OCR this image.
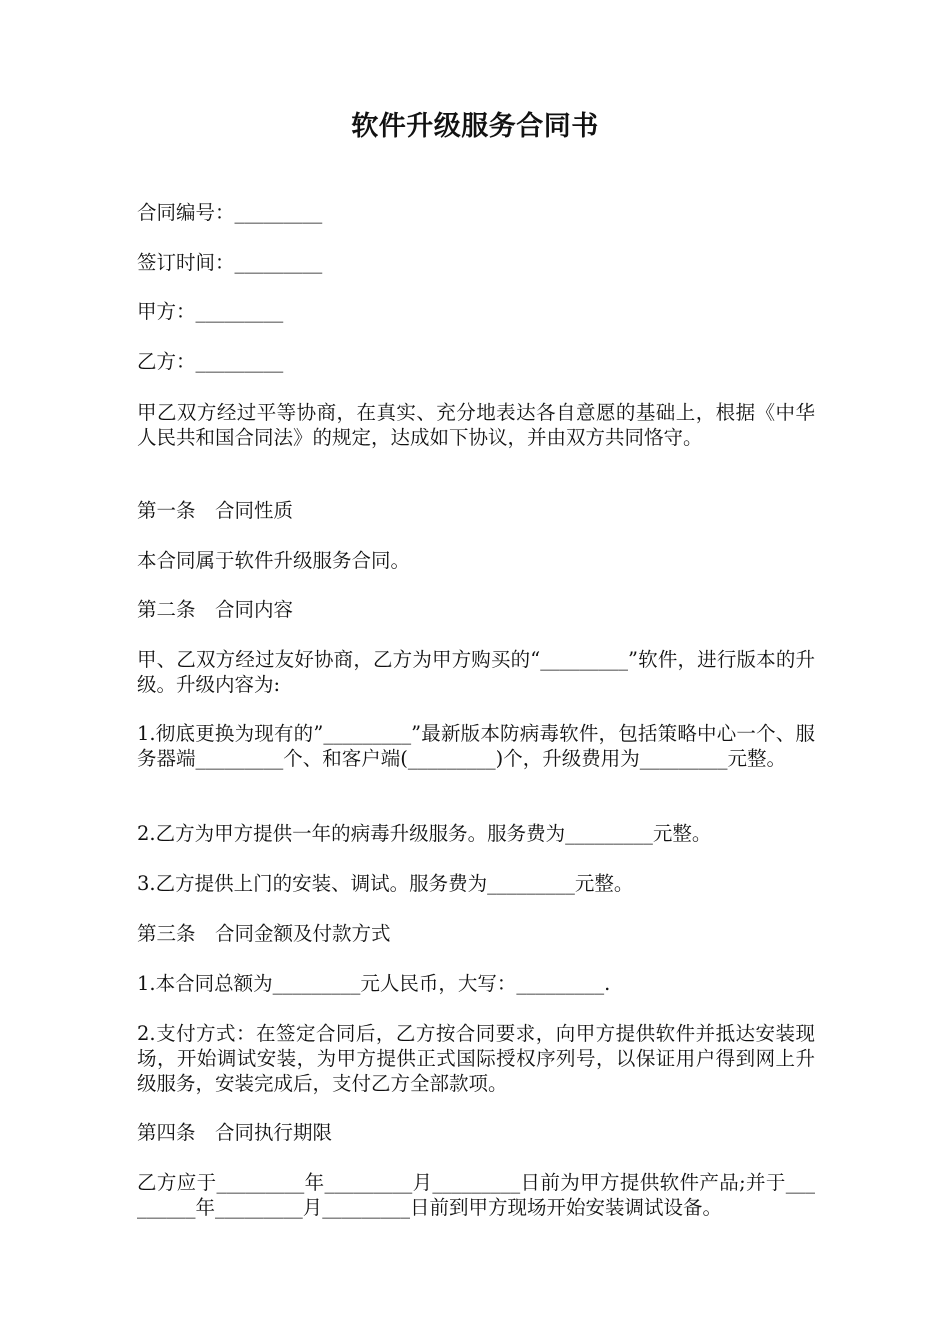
软件升级服务合同书

合同编号：_________

签订时间：_________

甲方：_________

乙方：_________

甲乙双方经过平等协商，在真实、充分地表达各自意愿的基础上，根据《中华人民共和国合同法》的规定，达成如下协议，并由双方共同恪守。

第一条　合同性质

本合同属于软件升级服务合同。

第二条　合同内容

甲、乙双方经过友好协商，乙方为甲方购买的“_________”软件，进行版本的升级。升级内容为:

1.彻底更换为现有的”_________”最新版本防病毒软件，包括策略中心一个、服务器端_________个、和客户端(_________)个，升级费用为_________元整。

2.乙方为甲方提供一年的病毒升级服务。服务费为_________元整。

3.乙方提供上门的安装、调试。服务费为_________元整。

第三条　合同金额及付款方式

1.本合同总额为_________元人民币，大写：_________.

2.支付方式：在签定合同后，乙方按合同要求，向甲方提供软件并抵达安装现场，开始调试安装，为甲方提供正式国际授权序列号，以保证用户得到网上升级服务，安装完成后，支付乙方全部款项。

第四条　合同执行期限

乙方应于_________年_________月_________日前为甲方提供软件产品;并于_________年_________月_________日前到甲方现场开始安装调试设备。
